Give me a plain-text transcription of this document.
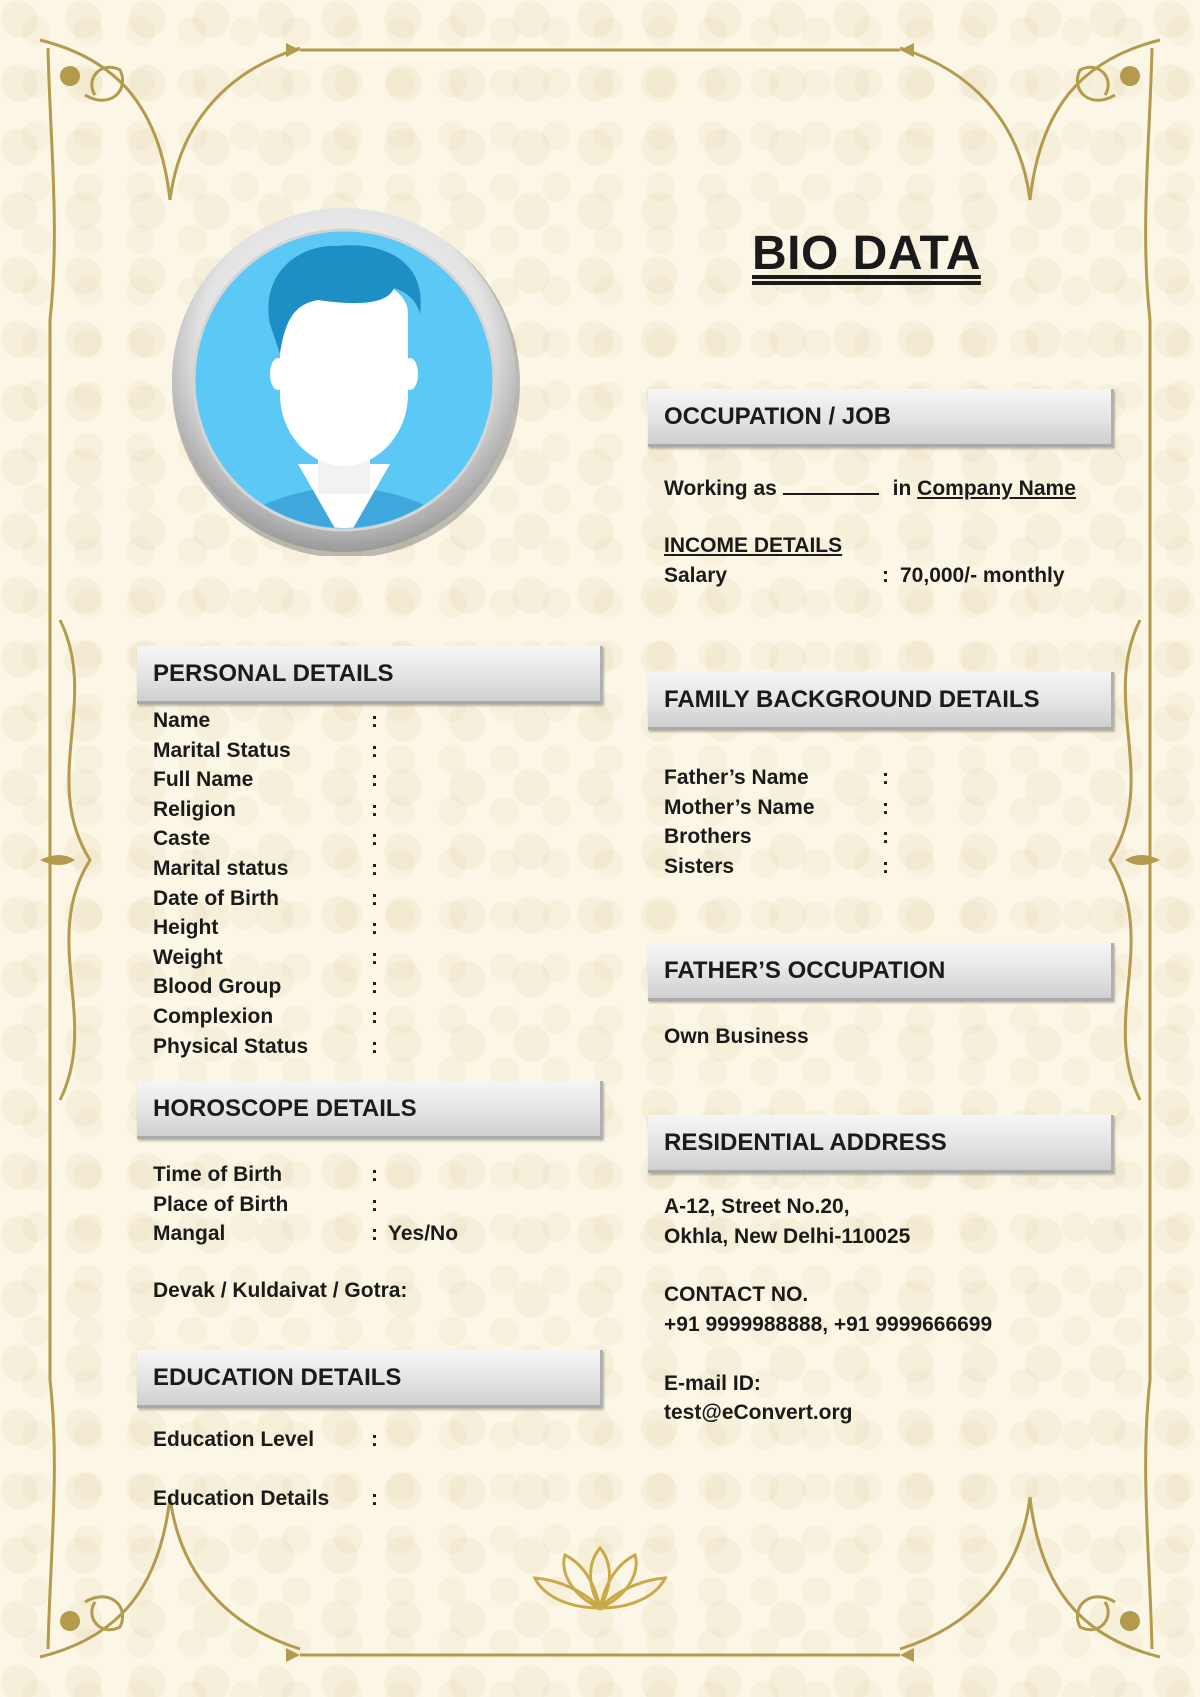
BIO DATA
PERSONAL DETAILS
Name	:
Marital Status	:
Full Name	:
Religion	:
Caste	:
Marital status	:
Date of Birth	:
Height	:
Weight	:
Blood Group	:
Complexion	:
Physical Status	:
HOROSCOPE DETAILS
Time of Birth	:
Place of Birth	:
Mangal	: Yes/No
Devak / Kuldaivat / Gotra:
EDUCATION DETAILS
Education Level	:
Education Details :
OCCUPATION / JOB
Working as	in Company Name
INCOME DETAILS
Salary	: 70,000/- monthly
FAMILY BACKGROUND DETAILS
Father’s Name	:
Mother’s Name	:
Brothers	:
Sisters	:
FATHER’S OCCUPATION
Own Business
RESIDENTIAL ADDRESS
A-12, Street No.20,
Okhla, New Delhi-110025
CONTACT NO.
+91 9999988888, +91 9999666699
E-mail ID:
test@eConvert.org
